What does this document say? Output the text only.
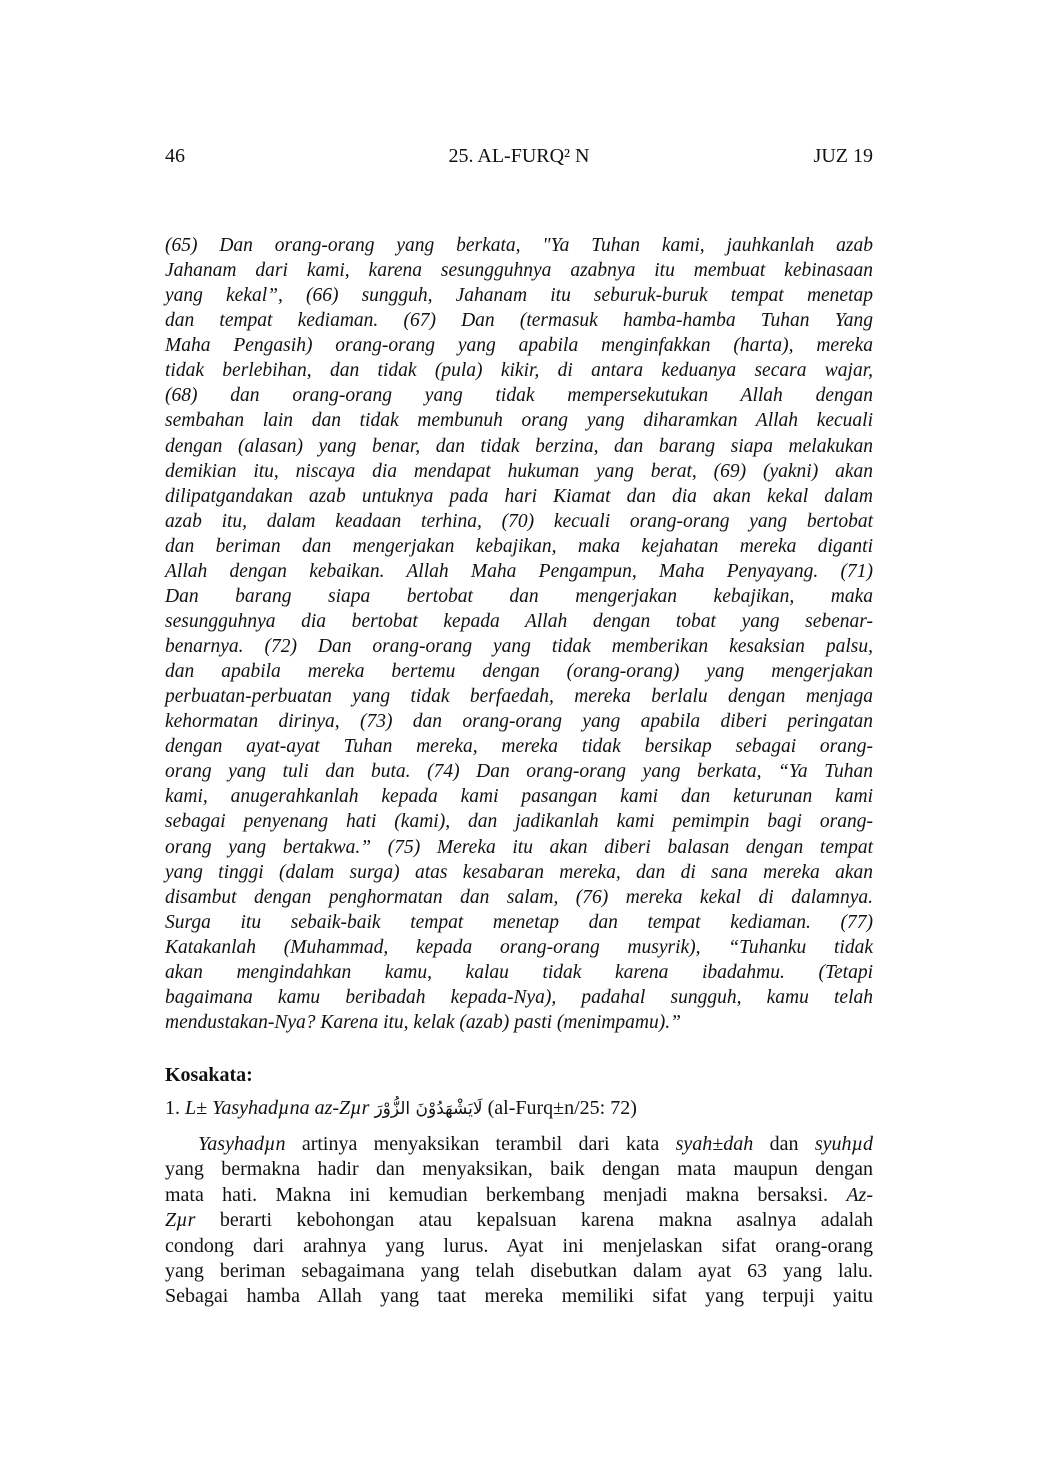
46	25. AL-FURQ² N	JUZ 19
(65) Dan orang-orang yang berkata, "Ya Tuhan kami, jauhkanlah azab
Jahanam dari kami, karena sesungguhnya azabnya itu membuat kebinasaan
yang kekal”, (66) sungguh, Jahanam itu seburuk-buruk tempat menetap
dan tempat kediaman. (67) Dan (termasuk hamba-hamba Tuhan Yang
Maha Pengasih) orang-orang yang apabila menginfakkan (harta), mereka
tidak berlebihan, dan tidak (pula) kikir, di antara keduanya secara wajar,
(68) dan orang-orang yang tidak mempersekutukan Allah dengan
sembahan lain dan tidak membunuh orang yang diharamkan Allah kecuali
dengan (alasan) yang benar, dan tidak berzina, dan barang siapa melakukan
demikian itu, niscaya dia mendapat hukuman yang berat, (69) (yakni) akan
dilipatgandakan azab untuknya pada hari Kiamat dan dia akan kekal dalam
azab itu, dalam keadaan terhina, (70) kecuali orang-orang yang bertobat
dan beriman dan mengerjakan kebajikan, maka kejahatan mereka diganti
Allah dengan kebaikan. Allah Maha Pengampun, Maha Penyayang. (71)
Dan barang siapa bertobat dan mengerjakan kebajikan, maka
sesungguhnya dia bertobat kepada Allah dengan tobat yang sebenar-
benarnya. (72) Dan orang-orang yang tidak memberikan kesaksian palsu,
dan apabila mereka bertemu dengan (orang-orang) yang mengerjakan
perbuatan-perbuatan yang tidak berfaedah, mereka berlalu dengan menjaga
kehormatan dirinya, (73) dan orang-orang yang apabila diberi peringatan
dengan ayat-ayat Tuhan mereka, mereka tidak bersikap sebagai orang-
orang yang tuli dan buta. (74) Dan orang-orang yang berkata, “Ya Tuhan
kami, anugerahkanlah kepada kami pasangan kami dan keturunan kami
sebagai penyenang hati (kami), dan jadikanlah kami pemimpin bagi orang-
orang yang bertakwa.” (75) Mereka itu akan diberi balasan dengan tempat
yang tinggi (dalam surga) atas kesabaran mereka, dan di sana mereka akan
disambut dengan penghormatan dan salam, (76) mereka kekal di dalamnya.
Surga itu sebaik-baik tempat menetap dan tempat kediaman. (77)
Katakanlah (Muhammad, kepada orang-orang musyrik), “Tuhanku tidak
akan mengindahkan kamu, kalau tidak karena ibadahmu. (Tetapi
bagaimana kamu beribadah kepada-Nya), padahal sungguh, kamu telah
mendustakan-Nya? Karena itu, kelak (azab) pasti (menimpamu).”
Kosakata:
1. L± Yasyhadµna az-Zµr لَايَشْهَدُوْنَ الزُّوْرَ (al-Furq±n/25: 72)
Yasyhadµn artinya menyaksikan terambil dari kata syah±dah dan syuhµd
yang bermakna hadir dan menyaksikan, baik dengan mata maupun dengan
mata hati. Makna ini kemudian berkembang menjadi makna bersaksi. Az-
Zµr berarti kebohongan atau kepalsuan karena makna asalnya adalah
condong dari arahnya yang lurus. Ayat ini menjelaskan sifat orang-orang
yang beriman sebagaimana yang telah disebutkan dalam ayat 63 yang lalu.
Sebagai hamba Allah yang taat mereka memiliki sifat yang terpuji yaitu
